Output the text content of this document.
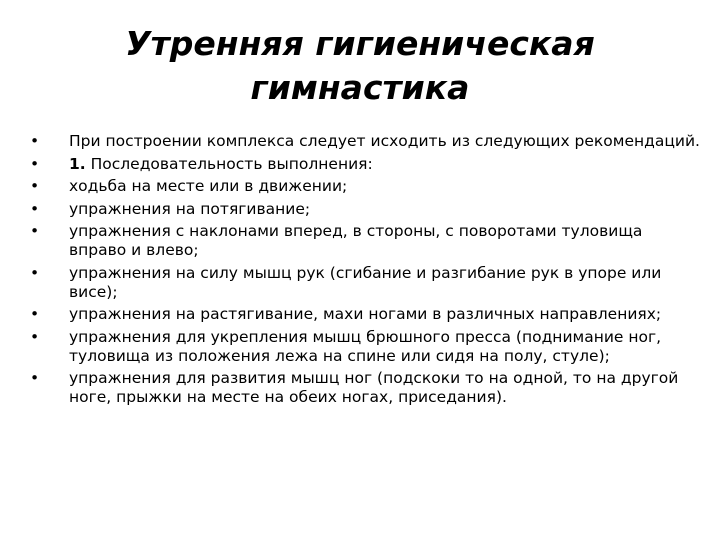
Утренняя гигиеническая
гимнастика
• При построении комплекса следует исходить из следующих рекомендаций.
• 1. Последовательность выполнения:
• ходьба на месте или в движении;
• упражнения на потягивание;
• упражнения с наклонами вперед, в стороны, с поворотами туловища вправо и влево;
• упражнения на силу мышц рук (сгибание и разгибание рук в упоре или висе);
• упражнения на растягивание, махи ногами в различных направлениях;
• упражнения для укрепления мышц брюшного пресса (поднимание ног, туловища из положения лежа на спине или сидя на полу, стуле);
• упражнения для развития мышц ног (подскоки то на одной, то на другой ноге, прыжки на месте на обеих ногах, приседания).
